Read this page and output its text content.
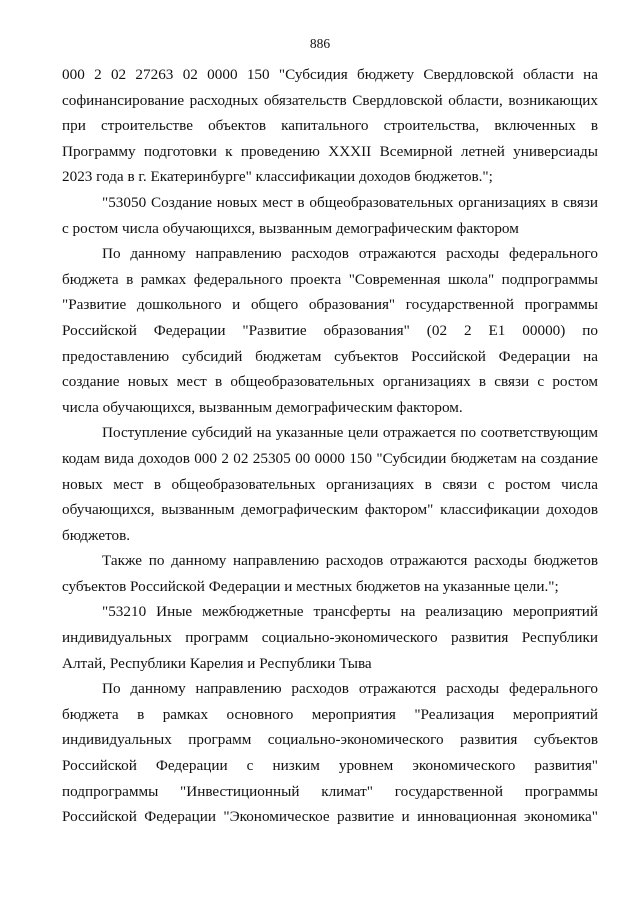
886

000 2 02 27263 02 0000 150 "Субсидия бюджету Свердловской области на софинансирование расходных обязательств Свердловской области, возникающих при строительстве объектов капитального строительства, включенных в Программу подготовки к проведению XXXII Всемирной летней универсиады 2023 года в г. Екатеринбурге" классификации доходов бюджетов.";

"53050 Создание новых мест в общеобразовательных организациях в связи с ростом числа обучающихся, вызванным демографическим фактором

По данному направлению расходов отражаются расходы федерального бюджета в рамках федерального проекта "Современная школа" подпрограммы "Развитие дошкольного и общего образования" государственной программы Российской Федерации "Развитие образования" (02 2 Е1 00000) по предоставлению субсидий бюджетам субъектов Российской Федерации на создание новых мест в общеобразовательных организациях в связи с ростом числа обучающихся, вызванным демографическим фактором.

Поступление субсидий на указанные цели отражается по соответствующим кодам вида доходов 000 2 02 25305 00 0000 150 "Субсидии бюджетам на создание новых мест в общеобразовательных организациях в связи с ростом числа обучающихся, вызванным демографическим фактором" классификации доходов бюджетов.

Также по данному направлению расходов отражаются расходы бюджетов субъектов Российской Федерации и местных бюджетов на указанные цели.";

"53210 Иные межбюджетные трансферты на реализацию мероприятий индивидуальных программ социально-экономического развития Республики Алтай, Республики Карелия и Республики Тыва

По данному направлению расходов отражаются расходы федерального бюджета в рамках основного мероприятия "Реализация мероприятий индивидуальных программ социально-экономического развития субъектов Российской Федерации с низким уровнем экономического развития" подпрограммы "Инвестиционный климат" государственной программы Российской Федерации "Экономическое развитие и инновационная экономика"
